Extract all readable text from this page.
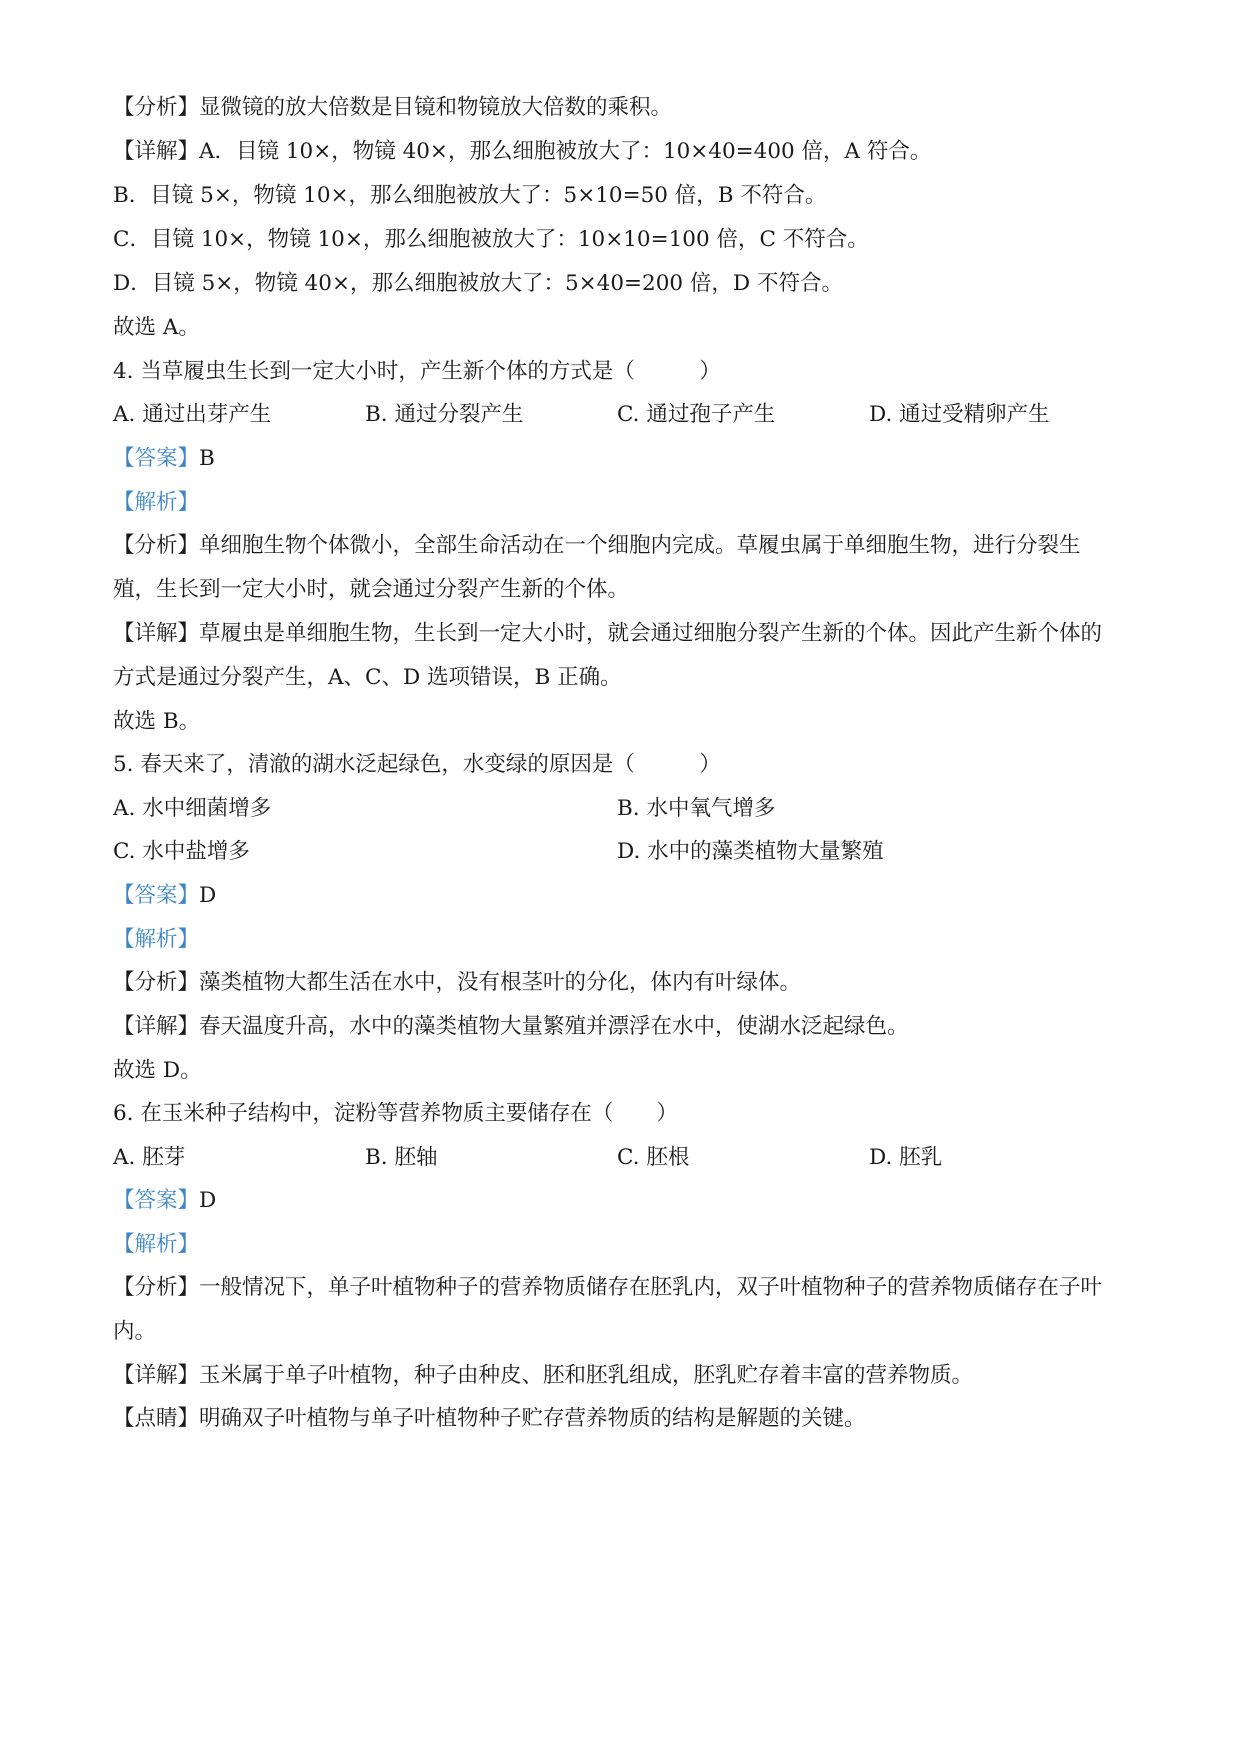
【分析】显微镜的放大倍数是目镜和物镜放大倍数的乘积。
【详解】A．目镜 10×，物镜 40×，那么细胞被放大了：10×40=400 倍，A 符合。
B．目镜 5×，物镜 10×，那么细胞被放大了：5×10=50 倍，B 不符合。
C．目镜 10×，物镜 10×，那么细胞被放大了：10×10=100 倍，C 不符合。
D．目镜 5×，物镜 40×，那么细胞被放大了：5×40=200 倍，D 不符合。
故选 A。
4. 当草履虫生长到一定大小时，产生新个体的方式是（　　　）
A. 通过出芽产生	B. 通过分裂产生	C. 通过孢子产生	D. 通过受精卵产生
【答案】B
【解析】
【分析】单细胞生物个体微小，全部生命活动在一个细胞内完成。草履虫属于单细胞生物，进行分裂生
殖，生长到一定大小时，就会通过分裂产生新的个体。
【详解】草履虫是单细胞生物，生长到一定大小时，就会通过细胞分裂产生新的个体。因此产生新个体的
方式是通过分裂产生，A、C、D 选项错误，B 正确。
故选 B。
5. 春天来了，清澈的湖水泛起绿色，水变绿的原因是（　　　）
A. 水中细菌增多	B. 水中氧气增多
C. 水中盐增多	D. 水中的藻类植物大量繁殖
【答案】D
【解析】
【分析】藻类植物大都生活在水中，没有根茎叶的分化，体内有叶绿体。
【详解】春天温度升高，水中的藻类植物大量繁殖并漂浮在水中，使湖水泛起绿色。
故选 D。
6. 在玉米种子结构中，淀粉等营养物质主要储存在（　　）
A. 胚芽	B. 胚轴	C. 胚根	D. 胚乳
【答案】D
【解析】
【分析】一般情况下，单子叶植物种子的营养物质储存在胚乳内，双子叶植物种子的营养物质储存在子叶
内。
【详解】玉米属于单子叶植物，种子由种皮、胚和胚乳组成，胚乳贮存着丰富的营养物质。
【点睛】明确双子叶植物与单子叶植物种子贮存营养物质的结构是解题的关键。
